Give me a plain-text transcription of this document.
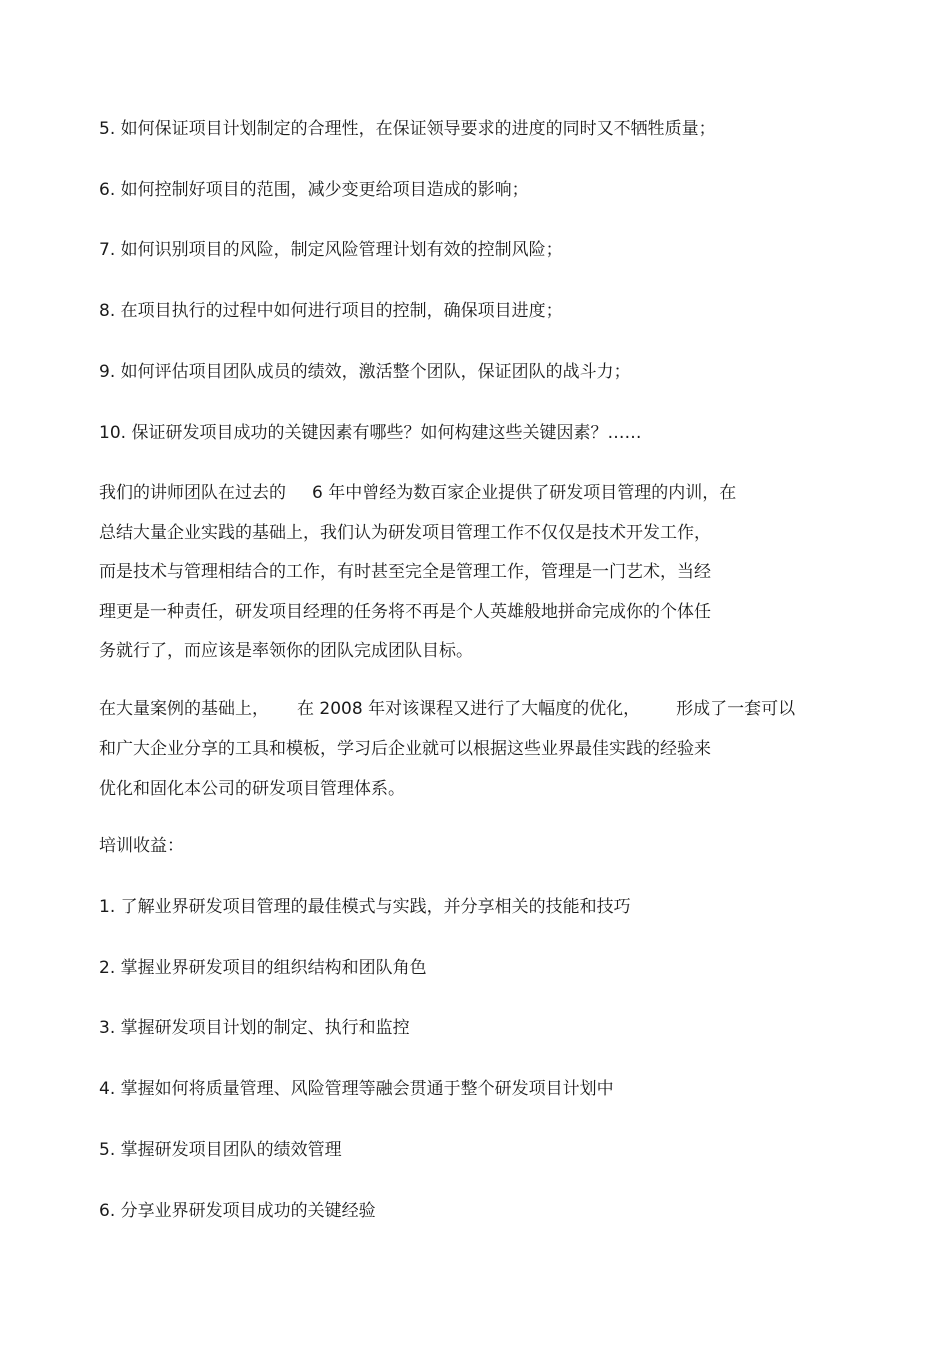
5. 如何保证项目计划制定的合理性，在保证领导要求的进度的同时又不牺牲质量；
6. 如何控制好项目的范围，减少变更给项目造成的影响；
7. 如何识别项目的风险，制定风险管理计划有效的控制风险；
8. 在项目执行的过程中如何进行项目的控制，确保项目进度；
9. 如何评估项目团队成员的绩效，激活整个团队，保证团队的战斗力；
10. 保证研发项目成功的关键因素有哪些？如何构建这些关键因素？……
我们的讲师团队在过去的 6 年中曾经为数百家企业提供了研发项目管理的内训，在
总结大量企业实践的基础上，我们认为研发项目管理工作不仅仅是技术开发工作，
而是技术与管理相结合的工作，有时甚至完全是管理工作，管理是一门艺术，当经
理更是一种责任，研发项目经理的任务将不再是个人英雄般地拼命完成你的个体任
务就行了，而应该是率领你的团队完成团队目标。
在大量案例的基础上， 在 2008 年对该课程又进行了大幅度的优化， 形成了一套可以
和广大企业分享的工具和模板，学习后企业就可以根据这些业界最佳实践的经验来
优化和固化本公司的研发项目管理体系。
培训收益：
1. 了解业界研发项目管理的最佳模式与实践，并分享相关的技能和技巧
2. 掌握业界研发项目的组织结构和团队角色
3. 掌握研发项目计划的制定、执行和监控
4. 掌握如何将质量管理、风险管理等融会贯通于整个研发项目计划中
5. 掌握研发项目团队的绩效管理
6. 分享业界研发项目成功的关键经验
